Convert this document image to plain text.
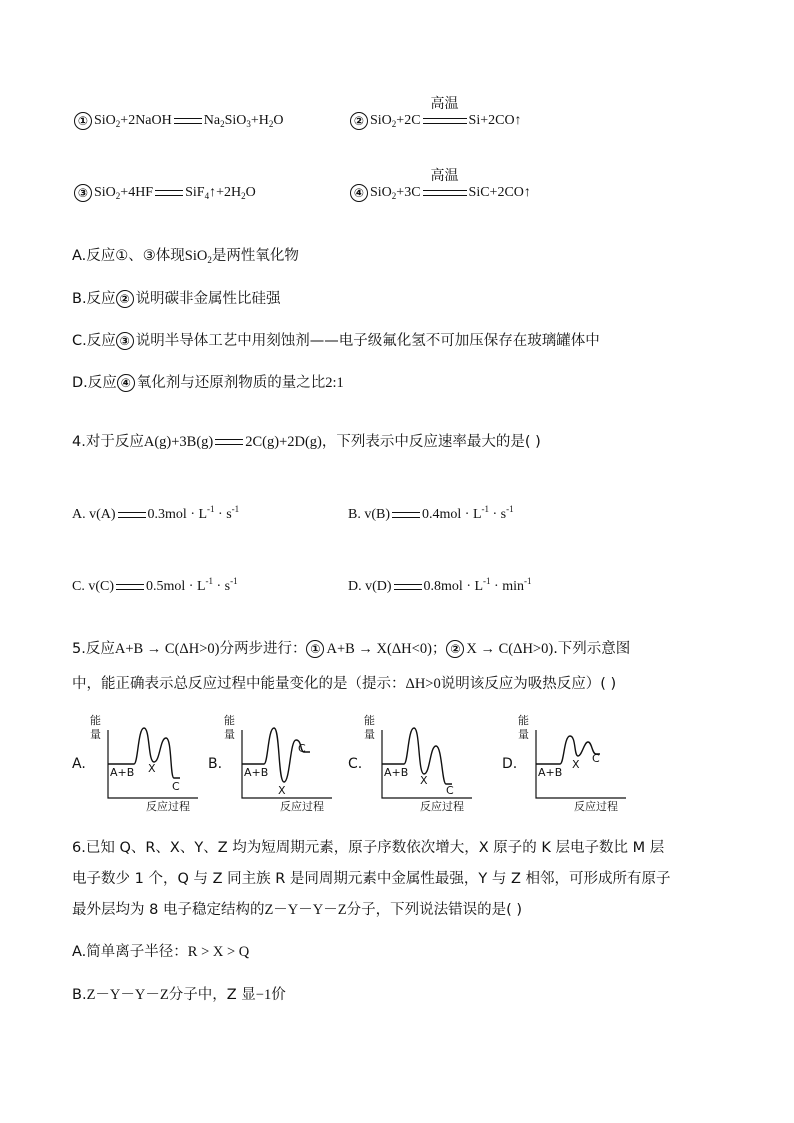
① SiO$_2$+2NaOH $Na_2SiO_3+H_2O$	② SiO$_2$+2C
高温
Si+2CO↑
③ SiO$_2$+4HF $SiF_4↑+2H_2O$	④ SiO$_2$+3C
高温
SiC+2CO↑
A.反应①、③体现SiO$_2$是两性氧化物
B.反应 ② 说明碳非金属性比硅强
C.反应 ③ 说明半导体工艺中用刻蚀剂——电子级氟化氢不可加压保存在玻璃罐体中
D.反应 ④ 氧化剂与还原剂物质的量之比2:1
4.对于反应A(g)+3B(g) 2C(g)+2D(g)，下列表示中反应速率最大的是( )
A. v(A) $0.3mol \cdot L^{-1} \cdot s^{-1}$	B. v(B) $0.4mol \cdot L^{-1} \cdot s^{-1}$
C. v(C) $0.5mol \cdot L^{-1} \cdot s^{-1}$	D. v(D) $0.8mol \cdot L^{-1} \cdot \min^{-1}$
5.反应A+B → C(ΔH>0)分两步进行： ① A+B → X(ΔH<0)； ② X → C(ΔH>0).下列示意图
中，能正确表示总反应过程中能量变化的是（提示：ΔH>0说明该反应为吸热反应）( )
A.	B.	C.	D.
能
量
A+B X
C
反应过程
能
量
A+B
X
C
反应过程
能
量
A+B
X
C
反应过程
能
量
A+B
X C
反应过程
6.已知 Q、R、X、Y、Z 均为短周期元素，原子序数依次增大，X 原子的 K 层电子数比 M 层
电子数少 1 个，Q 与 Z 同主族 R 是同周期元素中金属性最强，Y 与 Z 相邻，可形成所有原子
最外层均为 8 电子稳定结构的Z－Y－Y－Z分子，下列说法错误的是( )
A.简单离子半径：R > X > Q
B.Z－Y－Y－Z分子中，Z 显−1价
